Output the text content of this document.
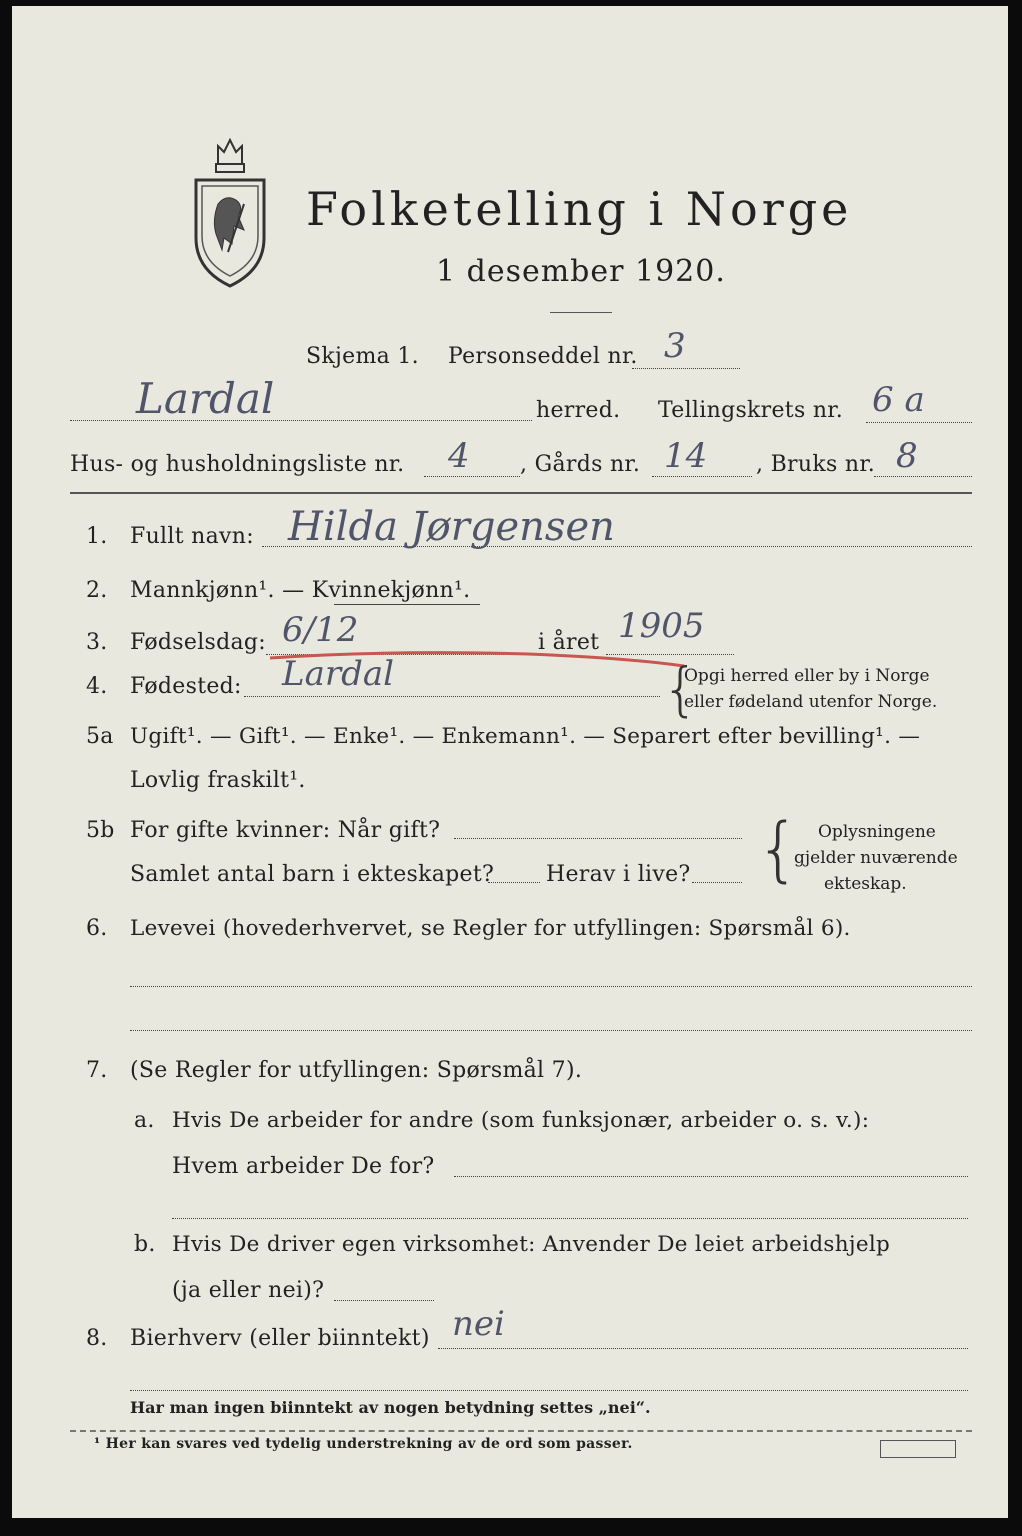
Folketelling i Norge
1 desember 1920.
Skjema 1. Personseddel nr. 3
Lardal	herred. Tellingskrets nr. 6 a
Hus- og husholdningsliste nr. 4 , Gårds nr. 14 , Bruks nr. 8
1. Fullt navn: Hilda Jørgensen
2. Mannkjønn¹. — Kvinnekjønn¹.
3. Fødselsdag: 6/12	i året 1905
4. Fødested: Lardal	{
Opgi herred eller by i Norge
eller fødeland utenfor Norge.
5a Ugift¹. — Gift¹. — Enke¹. — Enkemann¹. — Separert efter bevilling¹. —
Lovlig fraskilt¹.
5b For gifte kvinner: Når gift?
Samlet antal barn i ekteskapet? Herav i live? { Oplysningene
gjelder nuværende
ekteskap.
6. Levevei (hovederhvervet, se Regler for utfyllingen: Spørsmål 6).
7. (Se Regler for utfyllingen: Spørsmål 7).
a. Hvis De arbeider for andre (som funksjonær, arbeider o. s. v.):
Hvem arbeider De for?
b. Hvis De driver egen virksomhet: Anvender De leiet arbeidshjelp
(ja eller nei)?
8. Bierhverv (eller biinntekt) nei
Har man ingen biinntekt av nogen betydning settes „nei“.
¹ Her kan svares ved tydelig understrekning av de ord som passer.
